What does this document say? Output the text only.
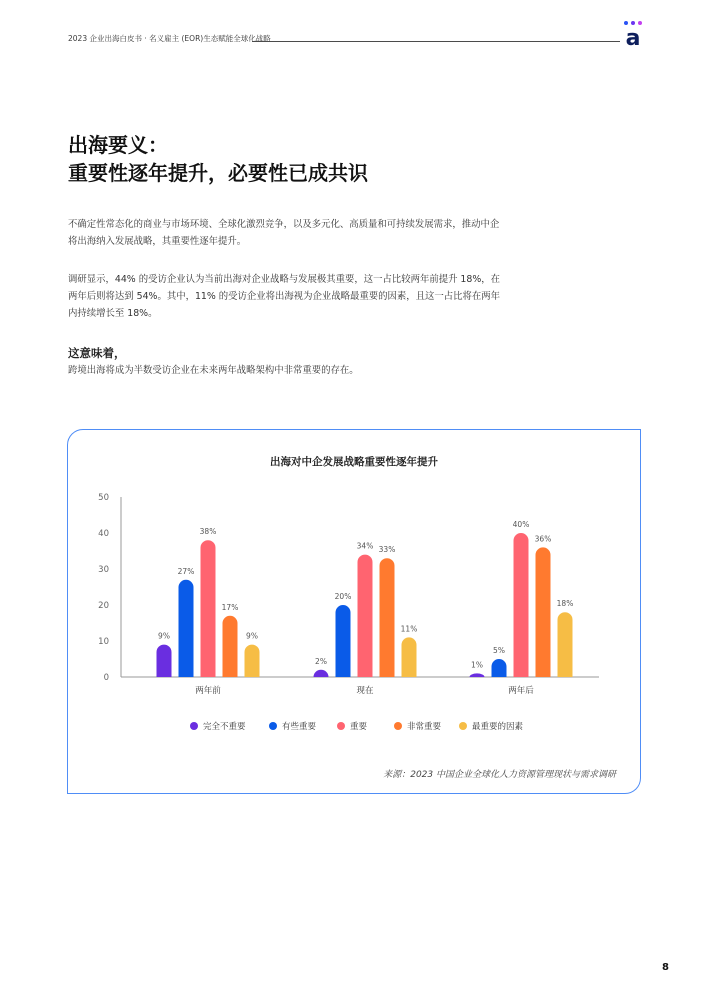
2023 企业出海白皮书 · 名义雇主 (EOR)生态赋能全球化战略	a
出海要义：
重要性逐年提升，必要性已成共识
不确定性常态化的商业与市场环境、全球化激烈竞争，以及多元化、高质量和可持续发展需求，推动中企将出海纳入发展战略，其重要性逐年提升。
调研显示，44% 的受访企业认为当前出海对企业战略与发展极其重要，这一占比较两年前提升 18%，在两年后则将达到 54%。其中，11% 的受访企业将出海视为企业战略最重要的因素，且这一占比将在两年内持续增长至 18%。
这意味着，
跨境出海将成为半数受访企业在未来两年战略架构中非常重要的存在。
出海对中企发展战略重要性逐年提升
0
10
20
30
40
50
两年前
9%
27%
38%
17%
9%
现在
2%
20%
34% 33%
11%
两年后
1%
5%
40%
36%
18%
完全不重要	有些重要	重要	非常重要	最重要的因素
来源：2023 中国企业全球化人力资源管理现状与需求调研
8
